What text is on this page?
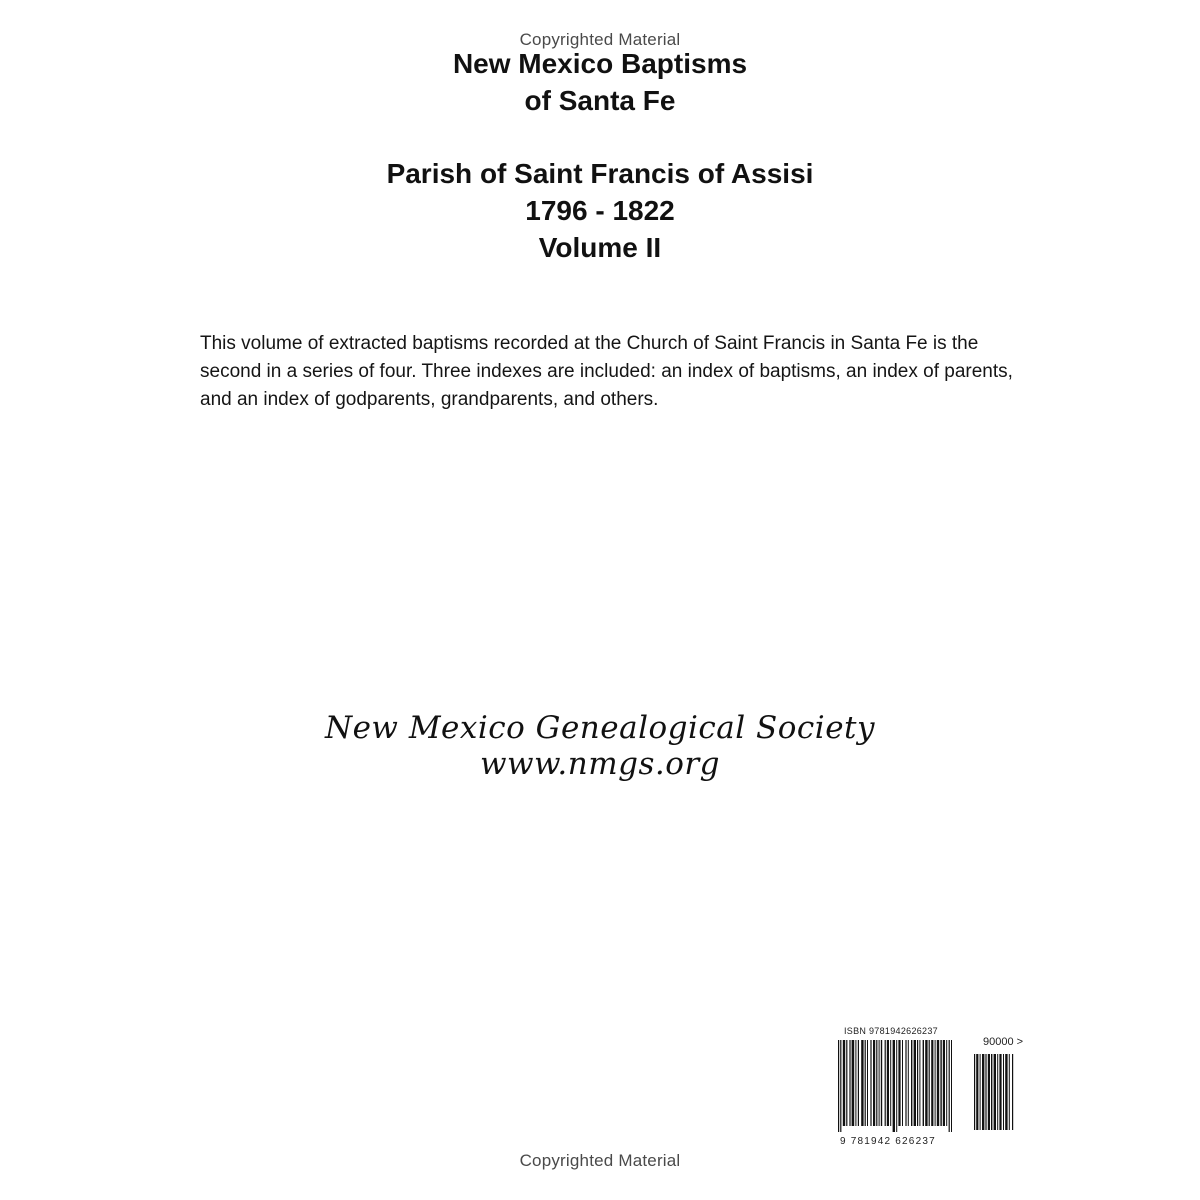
Copyrighted Material
New Mexico Baptisms
of Santa Fe
Parish of Saint Francis of Assisi
1796 - 1822
Volume II

This volume of extracted baptisms recorded at the Church of Saint Francis in Santa Fe is the second in a series of four. Three indexes are included: an index of baptisms, an index of parents, and an index of godparents, grandparents, and others.

New Mexico Genealogical Society
www.nmgs.org
ISBN 9781942626237
9 781942 626237
90000 >
Copyrighted Material
